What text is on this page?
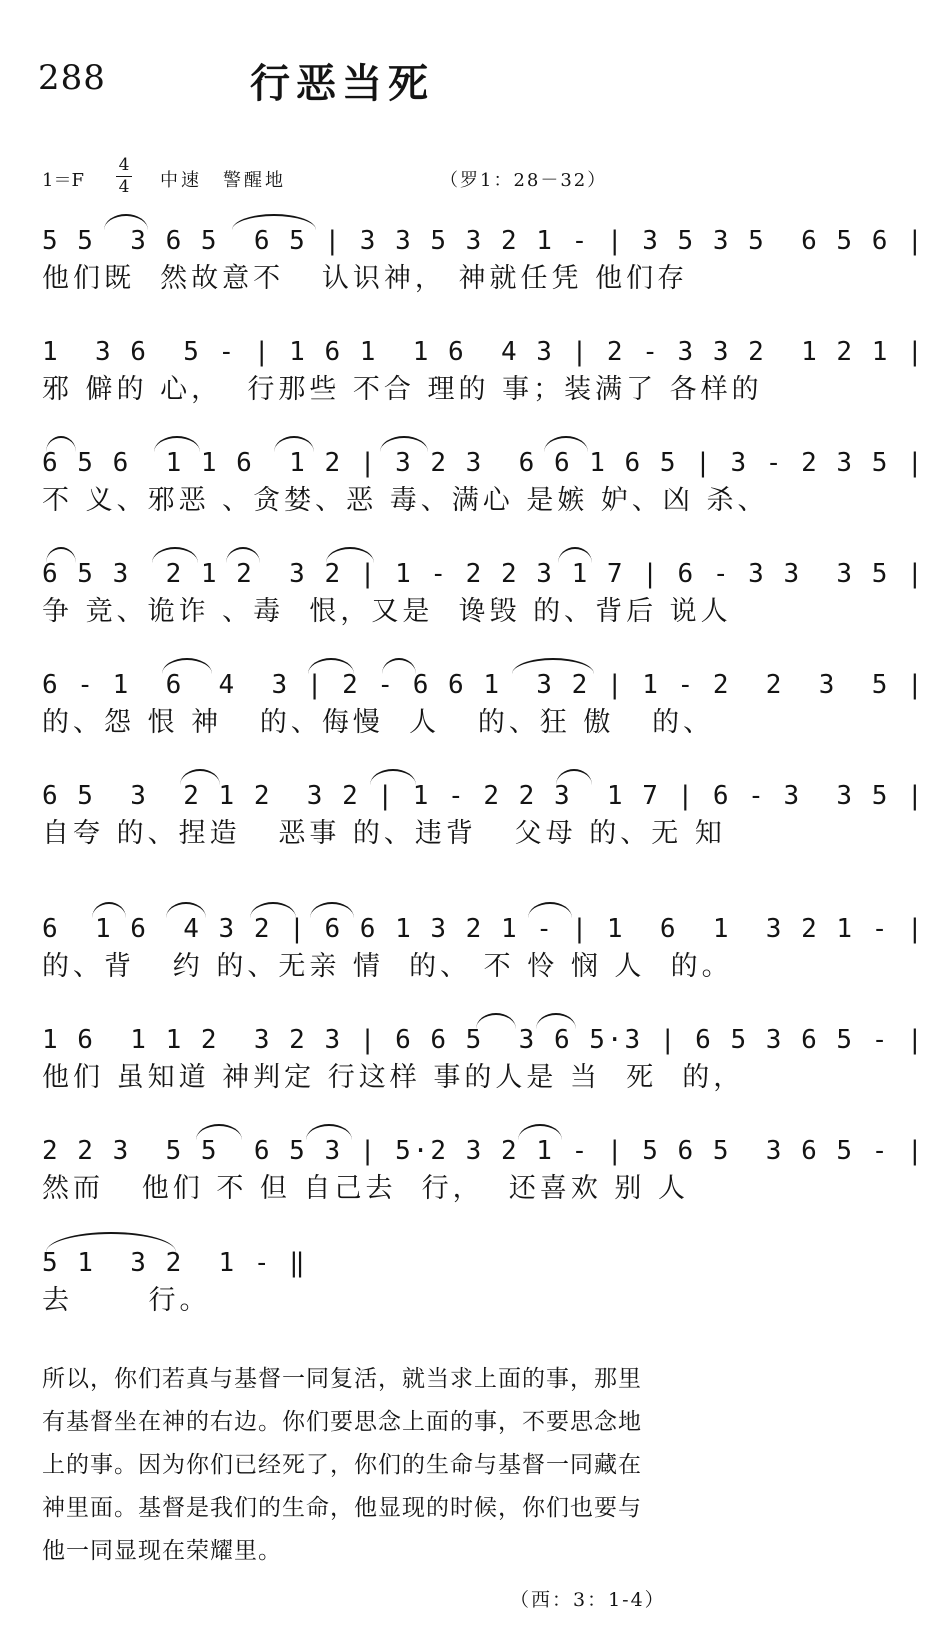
288	行恶当死
1＝F
4
4 中速　警醒地	（罗1：28－32）
5 5  3 6 5  6 5 | 3 3 5 3 2 1 - | 3 5 3 5  6 5 6 |
他们既  然故意不   认识神， 神就任凭 他们存
1  3 6  5 - | 1 6 1  1 6  4 3 | 2 - 3 3 2  1 2 1 |
邪 僻的 心，  行那些 不合 理的 事；装满了 各样的
6 5 6  1 1 6  1 2 | 3 2 3  6 6 1 6 5 | 3 - 2 3 5 |
不 义、邪恶 、贪婪、恶 毒、满心 是嫉 妒、凶 杀、
6 5 3  2 1 2  3 2 | 1 - 2 2 3 1 7 | 6 - 3 3  3 5 |
争 竞、诡诈 、毒  恨，又是  谗毁 的、背后 说人
6 - 1  6  4  3 | 2 - 6 6 1  3 2 | 1 - 2  2  3  5 |
的、怨 恨 神   的、侮慢  人   的、狂 傲   的、
6 5  3  2 1 2  3 2 | 1 - 2 2 3  1 7 | 6 - 3  3 5 |
自夸 的、捏造   恶事 的、违背   父母 的、无 知
6  1 6  4 3 2 | 6 6 1 3 2 1 - | 1  6  1  3 2 1 - |
的、背   约 的、无亲 情  的、 不 怜 悯 人  的。
1 6  1 1 2  3 2 3 | 6 6 5  3 6 5·3 | 6 5 3 6 5 - |
他们 虽知道 神判定 行这样 事的人是 当  死  的，
2 2 3  5 5  6 5 3 | 5·2 3 2 1 - | 5 6 5  3 6 5 - |
然而   他们 不 但 自己去  行，  还喜欢 别 人
5 1  3 2  1 - ‖
去      行。
所以，你们若真与基督一同复活，就当求上面的事，那里有基督坐在神的右边。你们要思念上面的事，不要思念地上的事。因为你们已经死了，你们的生命与基督一同藏在神里面。基督是我们的生命，他显现的时候，你们也要与他一同显现在荣耀里。
（西：3：1-4）
